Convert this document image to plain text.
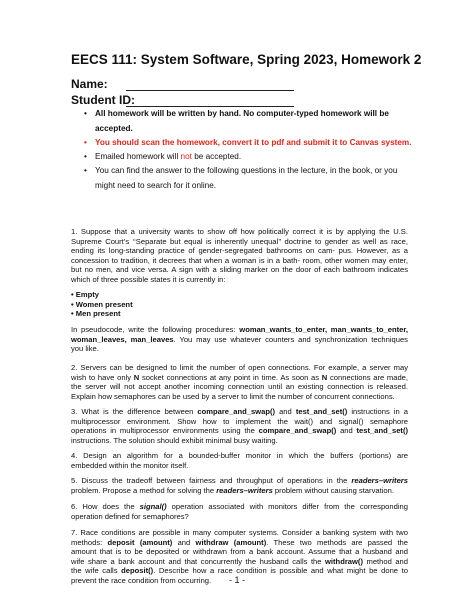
EECS 111: System Software, Spring 2023, Homework 2
Name:
Student ID:
• All homework will be written by hand. No computer-typed homework will be accepted.
• You should scan the homework, convert it to pdf and submit it to Canvas system.
• Emailed homework will not be accepted.
• You can find the answer to the following questions in the lecture, in the book, or you might need to search for it online.
1. Suppose that a university wants to show off how politically correct it is by applying the U.S.
Supreme Court’s ‘‘Separate but equal is inherently unequal’’ doctrine to gender as well as race,
ending its long-standing practice of gender-segregated bathrooms on cam- pus. However, as a
concession to tradition, it decrees that when a woman is in a bath- room, other women may enter,
but no men, and vice versa. A sign with a sliding marker on the door of each bathroom indicates
which of three possible states it is currently in:
• Empty
• Women present
• Men present
In pseudocode, write the following procedures: woman_wants_to_enter, man_wants_to_enter,
woman_leaves, man_leaves. You may use whatever counters and synchronization techniques
you like.
2. Servers can be designed to limit the number of open connections. For example, a server may
wish to have only N socket connections at any point in time. As soon as N connections are made,
the server will not accept another incoming connection until an existing connection is released.
Explain how semaphores can be used by a server to limit the number of concurrent connections.
3. What is the difference between compare_and_swap() and test_and_set() instructions in a
multiprocessor environment. Show how to implement the wait() and signal() semaphore
operations in multiprocessor environments using the compare_and_swap() and test_and_set()
instructions. The solution should exhibit minimal busy waiting.
4. Design an algorithm for a bounded-buffer monitor in which the buffers (portions) are
embedded within the monitor itself.
5. Discuss the tradeoff between fairness and throughput of operations in the readers–writers
problem. Propose a method for solving the readers–writers problem without causing starvation.
6. How does the signal() operation associated with monitors differ from the corresponding
operation defined for semaphores?
7. Race conditions are possible in many computer systems. Consider a banking system with two
methods: deposit (amount) and withdraw (amount). These two methods are passed the
amount that is to be deposited or withdrawn from a bank account. Assume that a husband and
wife share a bank account and that concurrently the husband calls the withdraw() method and
the wife calls deposit(). Describe how a race condition is possible and what might be done to
prevent the race condition from occurring.	- 1 -
